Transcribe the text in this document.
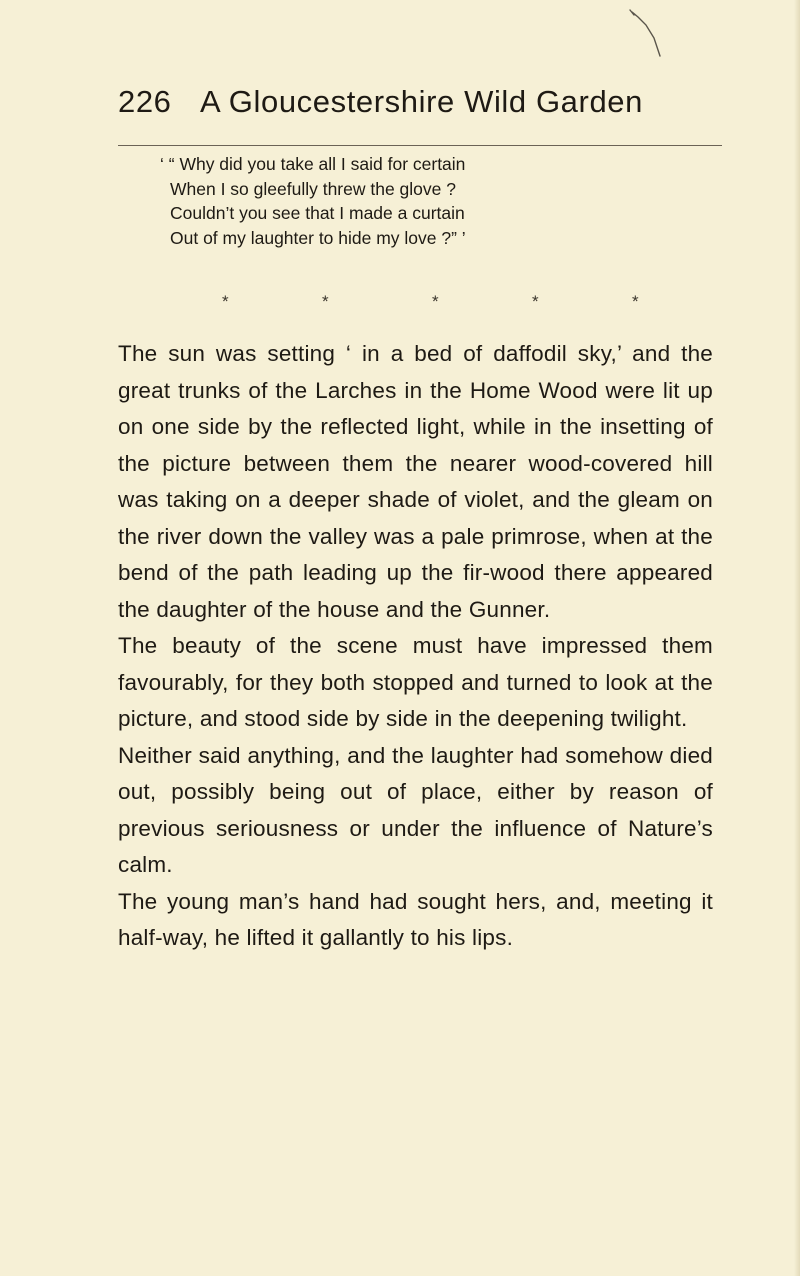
226 A Gloucestershire Wild Garden
‘ “ Why did you take all I said for certain
When I so gleefully threw the glove ?
Couldn’t you see that I made a curtain
Out of my laughter to hide my love ?” ’
*	*	*	*	*

The sun was setting ‘ in a bed of daffodil sky,’ and the great trunks of the Larches in the Home Wood were lit up on one side by the reflected light, while in the insetting of the picture between them the nearer wood-covered hill was taking on a deeper shade of violet, and the gleam on the river down the valley was a pale primrose, when at the bend of the path leading up the fir-wood there appeared the daughter of the house and the Gunner.

The beauty of the scene must have impressed them favourably, for they both stopped and turned to look at the picture, and stood side by side in the deepening twilight.

Neither said anything, and the laughter had somehow died out, possibly being out of place, either by reason of previous seriousness or under the influence of Nature’s calm.

The young man’s hand had sought hers, and, meeting it half-way, he lifted it gallantly to his lips.
